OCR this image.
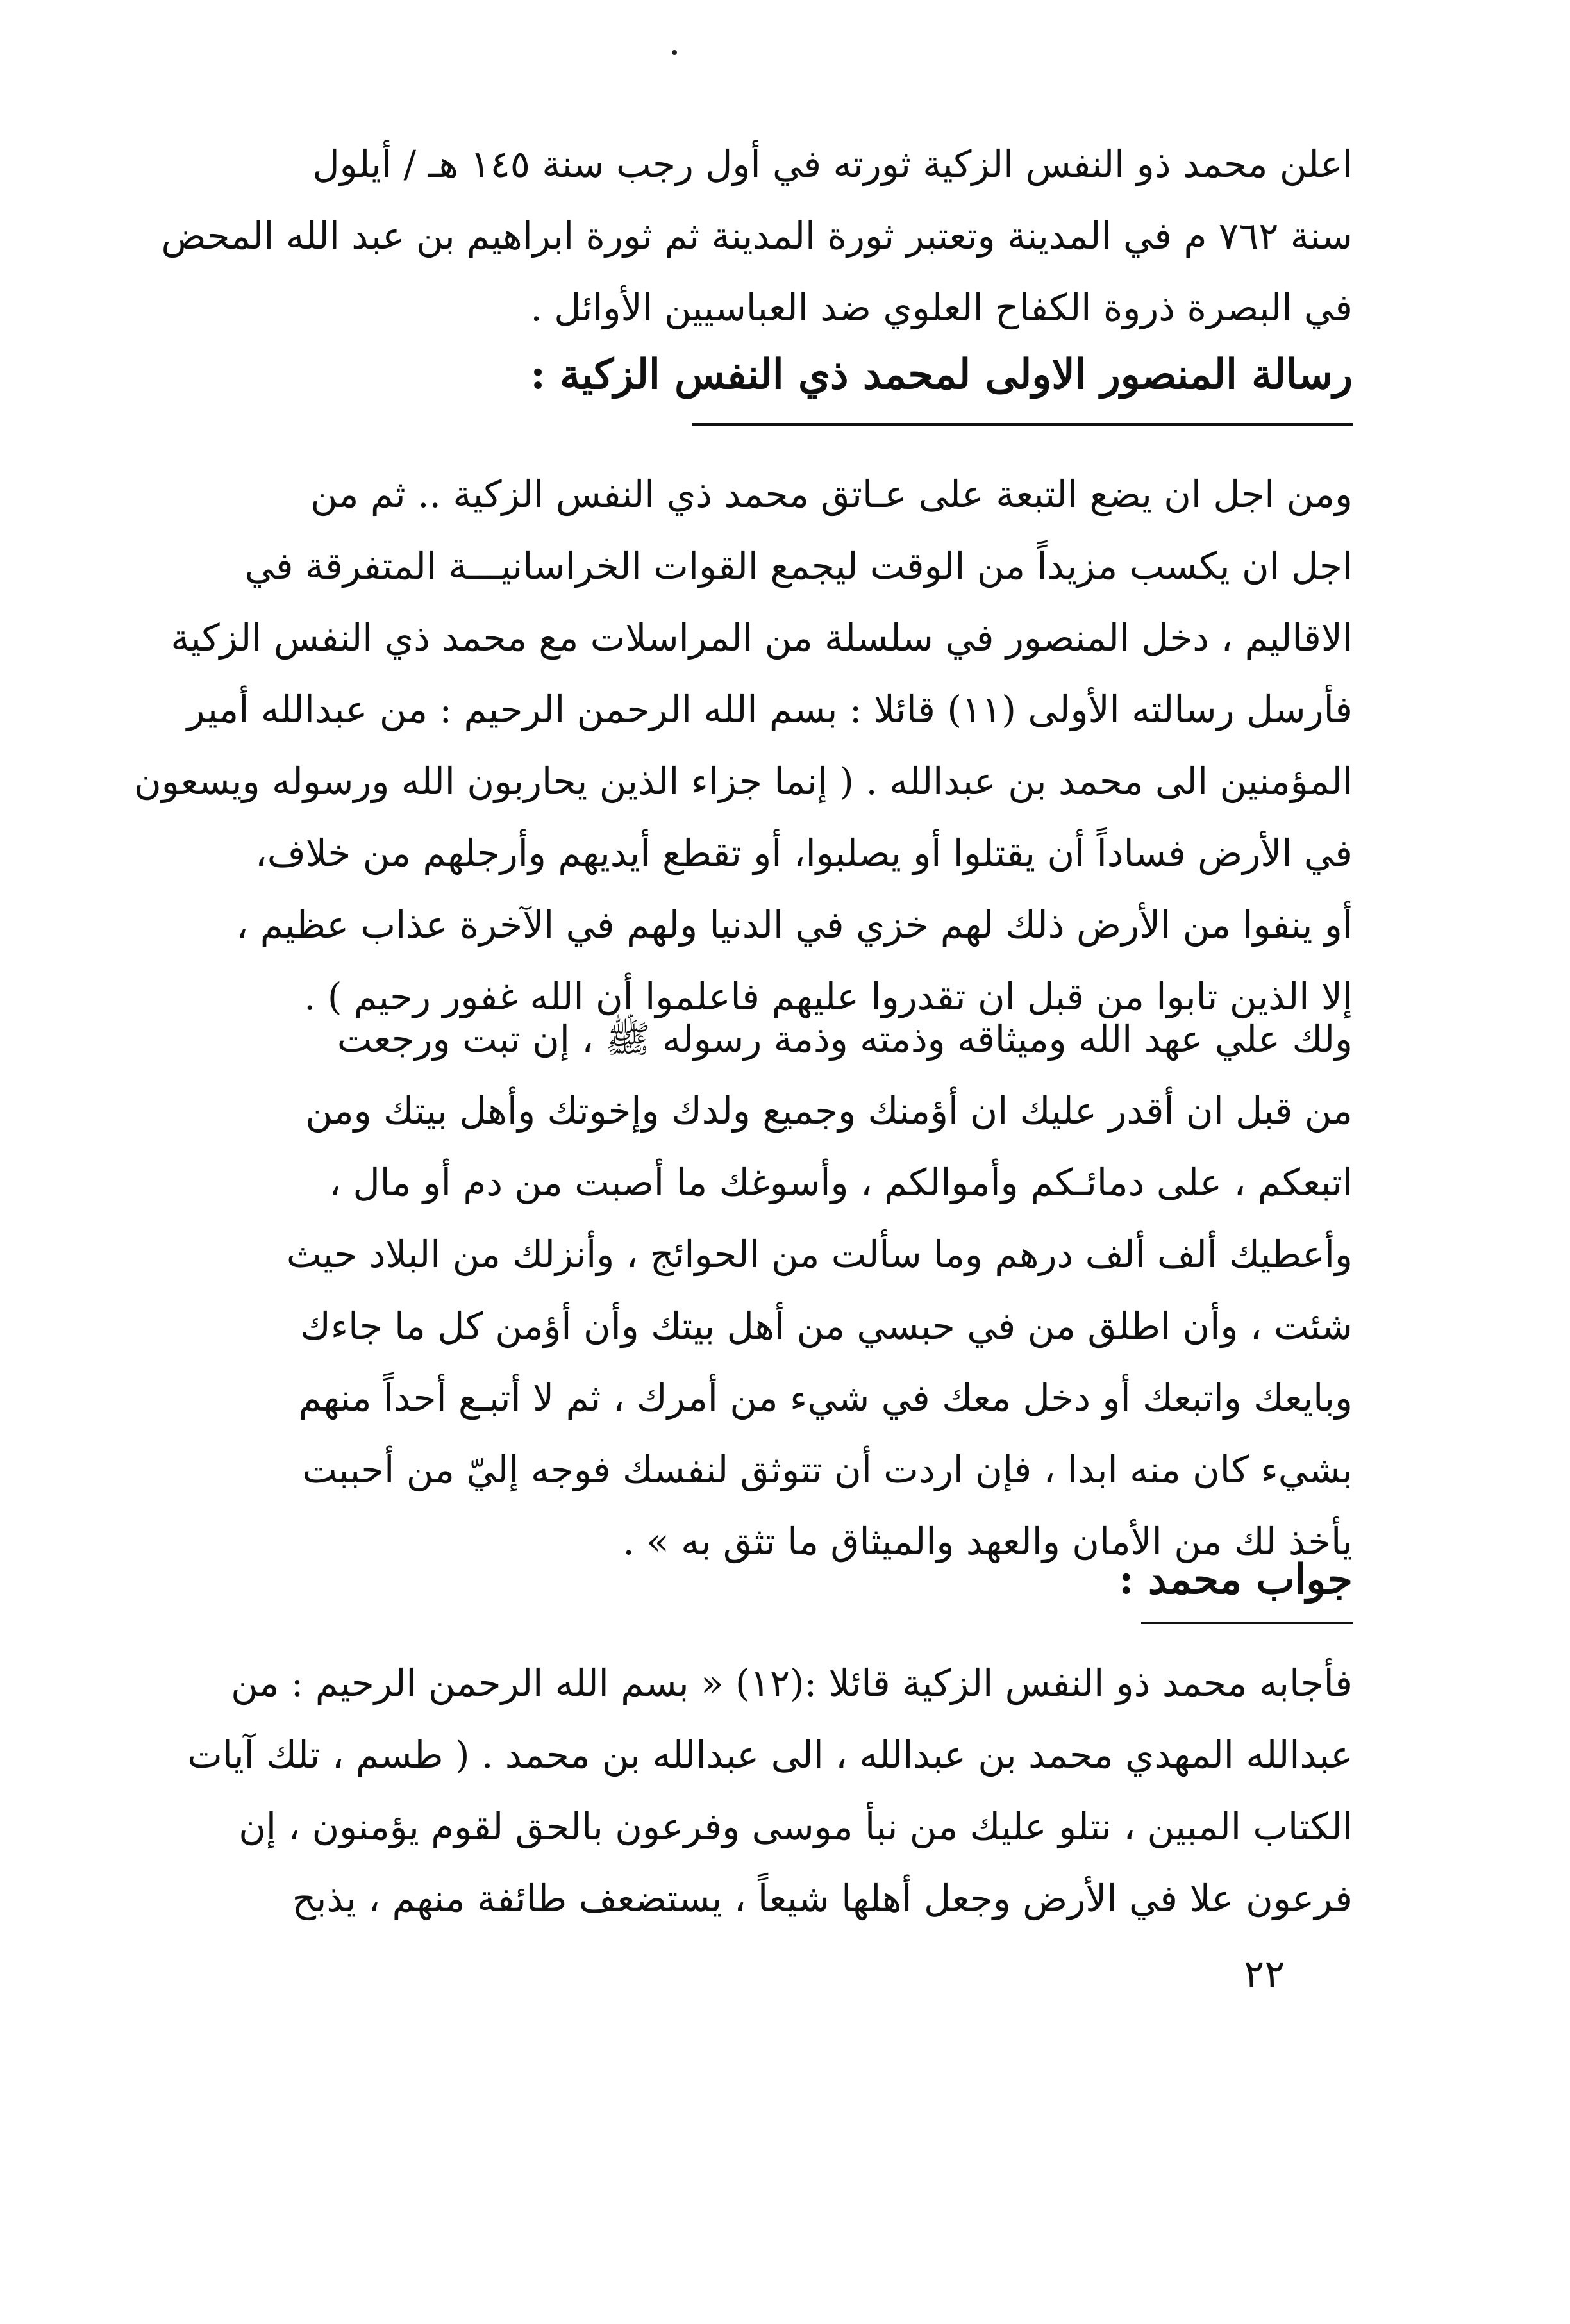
اعلن محمد ذو النفس الزكية ثورته في أول رجب سنة ١٤٥ هـ / أيلول
سنة ٧٦٢ م في المدينة وتعتبر ثورة المدينة ثم ثورة ابراهيم بن عبد الله المحض
في البصرة ذروة الكفاح العلوي ضد العباسيين الأوائل .
رسالة المنصور الاولى لمحمد ذي النفس الزكية :
ومن اجل ان يضع التبعة على عـاتق محمد ذي النفس الزكية .. ثم من
اجل ان يكسب مزيداً من الوقت ليجمع القوات الخراسانيـــة المتفرقة في
الاقاليم ، دخل المنصور في سلسلة من المراسلات مع محمد ذي النفس الزكية
فأرسل رسالته الأولى (١١) قائلا : بسم الله الرحمن الرحيم : من عبدالله أمير
المؤمنين الى محمد بن عبدالله . ( إنما جزاء الذين يحاربون الله ورسوله ويسعون
في الأرض فساداً أن يقتلوا أو يصلبوا، أو تقطع أيديهم وأرجلهم من خلاف،
أو ينفوا من الأرض ذلك لهم خزي في الدنيا ولهم في الآخرة عذاب عظيم ،
إلا الذين تابوا من قبل ان تقدروا عليهم فاعلموا أن الله غفور رحيم ) .
ولك علي عهد الله وميثاقه وذمته وذمة رسوله ﷺ ، إن تبت ورجعت
من قبل ان أقدر عليك ان أؤمنك وجميع ولدك وإخوتك وأهل بيتك ومن
اتبعكم ، على دمائـكم وأموالكم ، وأسوغك ما أصبت من دم أو مال ،
وأعطيك ألف ألف درهم وما سألت من الحوائج ، وأنزلك من البلاد حيث
شئت ، وأن اطلق من في حبسي من أهل بيتك وأن أؤمن كل ما جاءك
وبايعك واتبعك أو دخل معك في شيء من أمرك ، ثم لا أتبـع أحداً منهم
بشيء كان منه ابدا ، فإن اردت أن تتوثق لنفسك فوجه إليّ من أحببت
يأخذ لك من الأمان والعهد والميثاق ما تثق به » .
جواب محمد :
فأجابه محمد ذو النفس الزكية قائلا :(١٢) « بسم الله الرحمن الرحيم : من
عبدالله المهدي محمد بن عبدالله ، الى عبدالله بن محمد . ( طسم ، تلك آيات
الكتاب المبين ، نتلو عليك من نبأ موسى وفرعون بالحق لقوم يؤمنون ، إن
فرعون علا في الأرض وجعل أهلها شيعاً ، يستضعف طائفة منهم ، يذبح
٢٢
